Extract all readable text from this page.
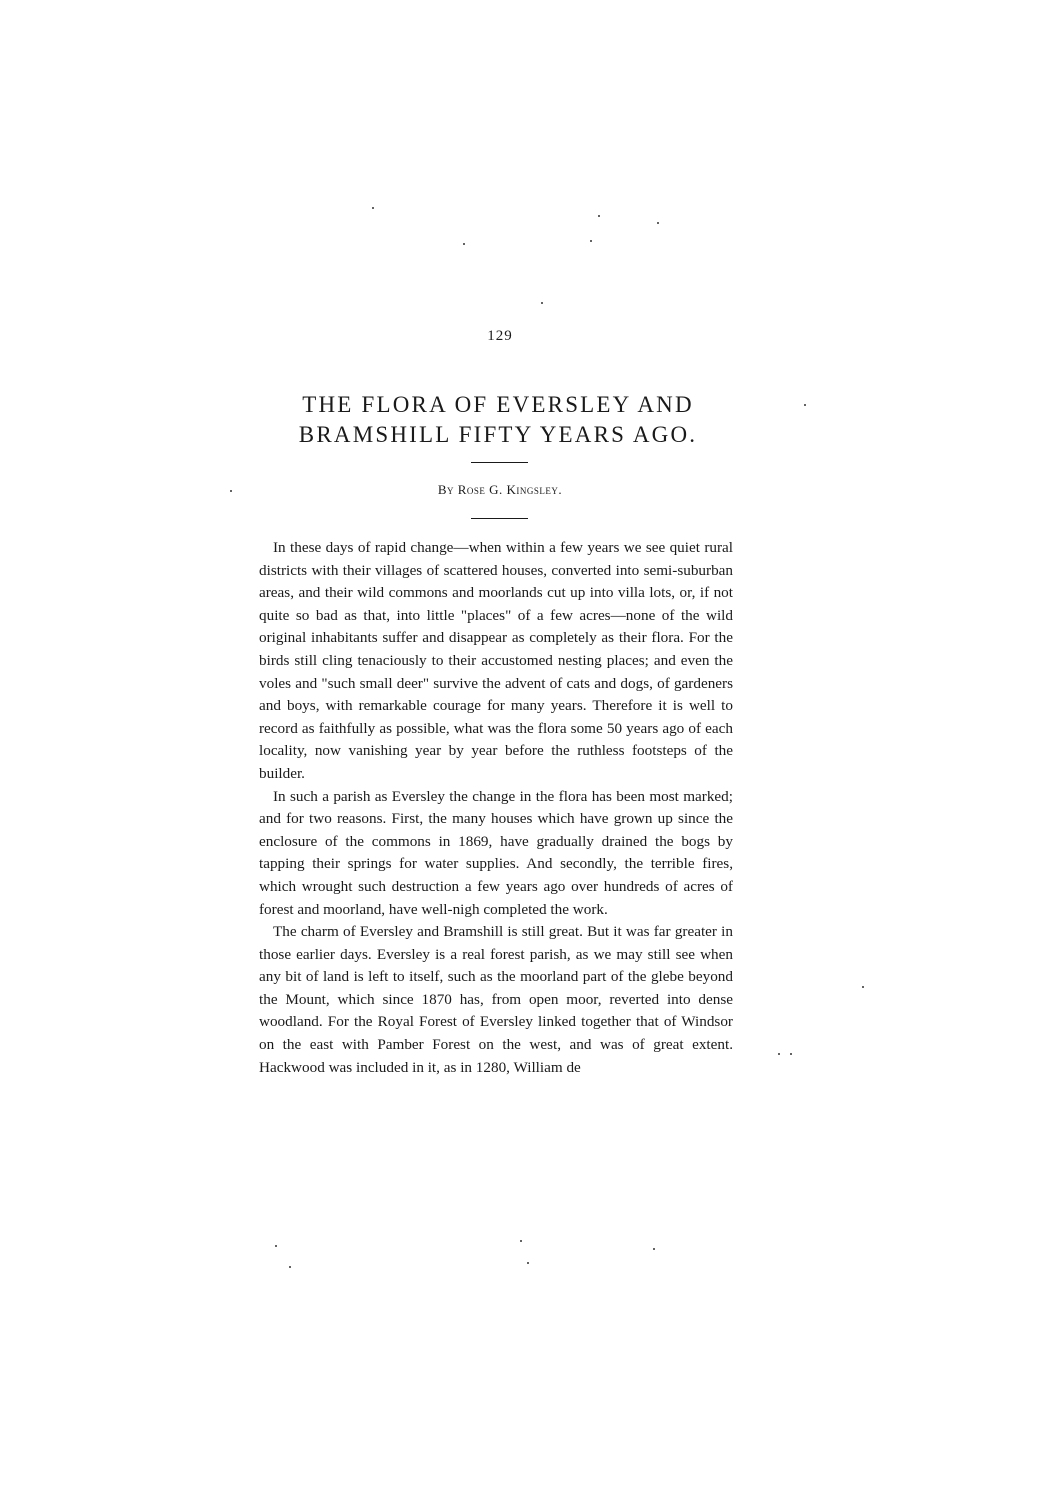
129
THE FLORA OF EVERSLEY AND
BRAMSHILL FIFTY YEARS AGO.
By Rose G. Kingsley.

In these days of rapid change—when within a few years we see quiet rural districts with their villages of scattered houses, converted into semi-suburban areas, and their wild commons and moorlands cut up into villa lots, or, if not quite so bad as that, into little "places" of a few acres—none of the wild original inhabitants suffer and disappear as completely as their flora. For the birds still cling tenaciously to their accustomed nesting places; and even the voles and "such small deer" survive the advent of cats and dogs, of gardeners and boys, with remarkable courage for many years. Therefore it is well to record as faithfully as possible, what was the flora some 50 years ago of each locality, now vanishing year by year before the ruthless footsteps of the builder.

In such a parish as Eversley the change in the flora has been most marked; and for two reasons. First, the many houses which have grown up since the enclosure of the commons in 1869, have gradually drained the bogs by tapping their springs for water supplies. And secondly, the terrible fires, which wrought such destruction a few years ago over hundreds of acres of forest and moorland, have well-nigh completed the work.

The charm of Eversley and Bramshill is still great. But it was far greater in those earlier days. Eversley is a real forest parish, as we may still see when any bit of land is left to itself, such as the moorland part of the glebe beyond the Mount, which since 1870 has, from open moor, reverted into dense woodland. For the Royal Forest of Eversley linked together that of Windsor on the east with Pamber Forest on the west, and was of great extent. Hackwood was included in it, as in 1280, William de
